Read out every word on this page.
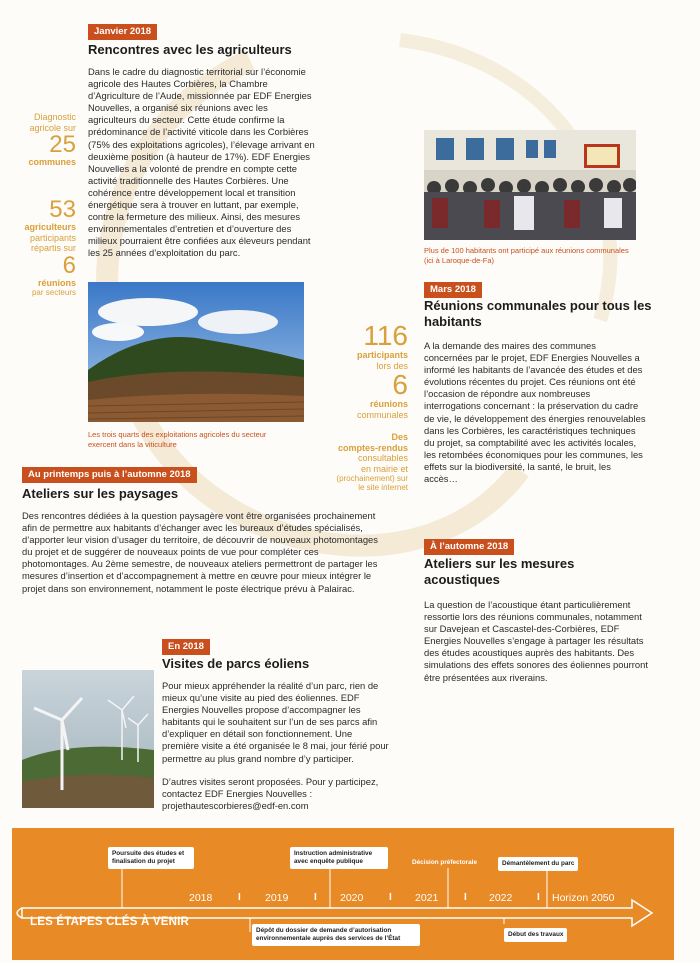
Janvier 2018
Rencontres avec les agriculteurs

Dans le cadre du diagnostic territorial sur l’économie agricole des Hautes Corbières, la Chambre d’Agriculture de l’Aude, missionnée par EDF Energies Nouvelles, a organisé six réunions avec les agriculteurs du secteur. Cette étude confirme la prédominance de l’activité viticole dans les Corbières (75% des exploitations agricoles), l’élevage arrivant en deuxième position (à hauteur de 17%). EDF Energies Nouvelles a la volonté de prendre en compte cette activité traditionnelle des Hautes Corbières. Une cohérence entre développement local et transition énergétique sera à trouver en luttant, par exemple, contre la fermeture des milieux. Ainsi, des mesures environnementales d’entretien et d’ouverture des milieux pourraient être confiées aux éleveurs pendant les 25 années d’exploitation du parc.

Diagnostic
agricole sur
25
communes
53
agriculteurs
participants
répartis sur
6
réunions
par secteurs
Les trois quarts des exploitations agricoles du secteur exercent dans la viticulture
Plus de 100 habitants ont participé aux réunions communales (ici à Laroque-de-Fa)
Mars 2018
Réunions communales pour tous les habitants

A la demande des maires des communes concernées par le projet, EDF Energies Nouvelles a informé les habitants de l’avancée des études et des évolutions récentes du projet. Ces réunions ont été l’occasion de répondre aux nombreuses interrogations concernant : la préservation du cadre de vie, le développement des énergies renouvelables dans les Corbières, les caractéristiques techniques du projet, sa comptabilité avec les activités locales, les retombées économiques pour les communes, les effets sur la biodiversité, la santé, le bruit, les accès…

116
participants
lors des
6
réunions
communales
Des
comptes-rendus
consultables
en mairie et
(prochainement) sur
le site internet
Au printemps puis à l’automne 2018
Ateliers sur les paysages

Des rencontres dédiées à la question paysagère vont être organisées prochainement afin de permettre aux habitants d’échanger avec les bureaux d’études spécialisés, d’apporter leur vision d’usager du territoire, de découvrir de nouveaux photomontages du projet et de suggérer de nouveaux points de vue pour compléter ces photomontages. Au 2ème semestre, de nouveaux ateliers permettront de partager les mesures d’insertion et d’accompagnement à mettre en œuvre pour mieux intégrer le projet dans son environnement, notamment le poste électrique prévu à Palairac.

À l’automne 2018
Ateliers sur les mesures acoustiques

La question de l’acoustique étant particulièrement ressortie lors des réunions communales, notamment sur Davejean et Cascastel-des-Corbières, EDF Energies Nouvelles s’engage à partager les résultats des études acoustiques auprès des habitants. Des simulations des effets sonores des éoliennes pourront être présentées aux riverains.

En 2018
Visites de parcs éoliens

Pour mieux appréhender la réalité d’un parc, rien de mieux qu’une visite au pied des éoliennes. EDF Energies Nouvelles propose d’accompagner les habitants qui le souhaitent sur l’un de ses parcs afin d’expliquer en détail son fonctionnement. Une première visite a été organisée le 8 mai, jour férié pour permettre au plus grand nombre d’y participer.

D’autres visites seront proposées. Pour y participez, contactez EDF Energies Nouvelles : projethautescorbieres@edf-en.com

Poursuite des études et finalisation du projet
Instruction administrative avec enquête publique	Décision préfectorale	Démantèlement du parc
Dépôt du dossier de demande d’autorisation environnementale auprès des services de l’État
Début des travaux
2018	I 2019	I 2020	I 2021	I 2022 I Horizon 2050
LES ÉTAPES CLÉS À VENIR
